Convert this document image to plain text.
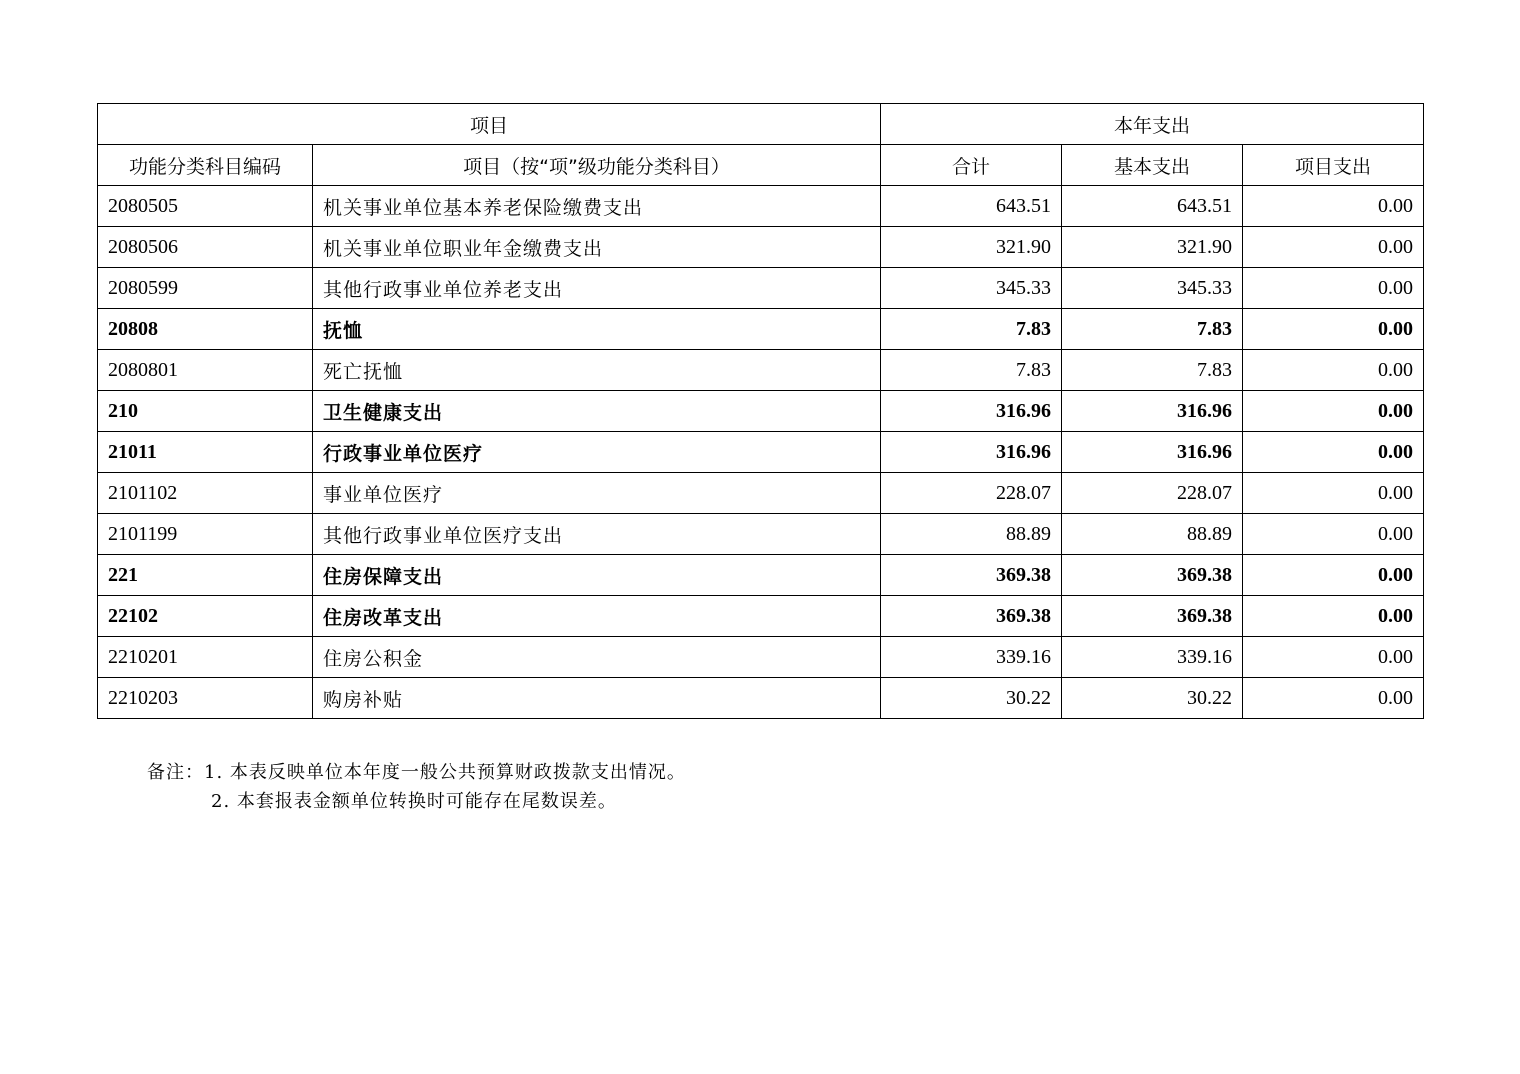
项目		本年支出		
功能分类科目编码	项目（按“项”级功能分类科目）	合计	基本支出	项目支出
2080505	机关事业单位基本养老保险缴费支出	643.51	643.51	0.00
2080506	机关事业单位职业年金缴费支出	321.90	321.90	0.00
2080599	其他行政事业单位养老支出	345.33	345.33	0.00
20808	抚恤	7.83	7.83	0.00
2080801	死亡抚恤	7.83	7.83	0.00
210	卫生健康支出	316.96	316.96	0.00
21011	行政事业单位医疗	316.96	316.96	0.00
2101102	事业单位医疗	228.07	228.07	0.00
2101199	其他行政事业单位医疗支出	88.89	88.89	0.00
221	住房保障支出	369.38	369.38	0.00
22102	住房改革支出	369.38	369.38	0.00
2210201	住房公积金	339.16	339.16	0.00
2210203	购房补贴	30.22	30.22	0.00
备注：1. 本表反映单位本年度一般公共预算财政拨款支出情况。
2. 本套报表金额单位转换时可能存在尾数误差。
